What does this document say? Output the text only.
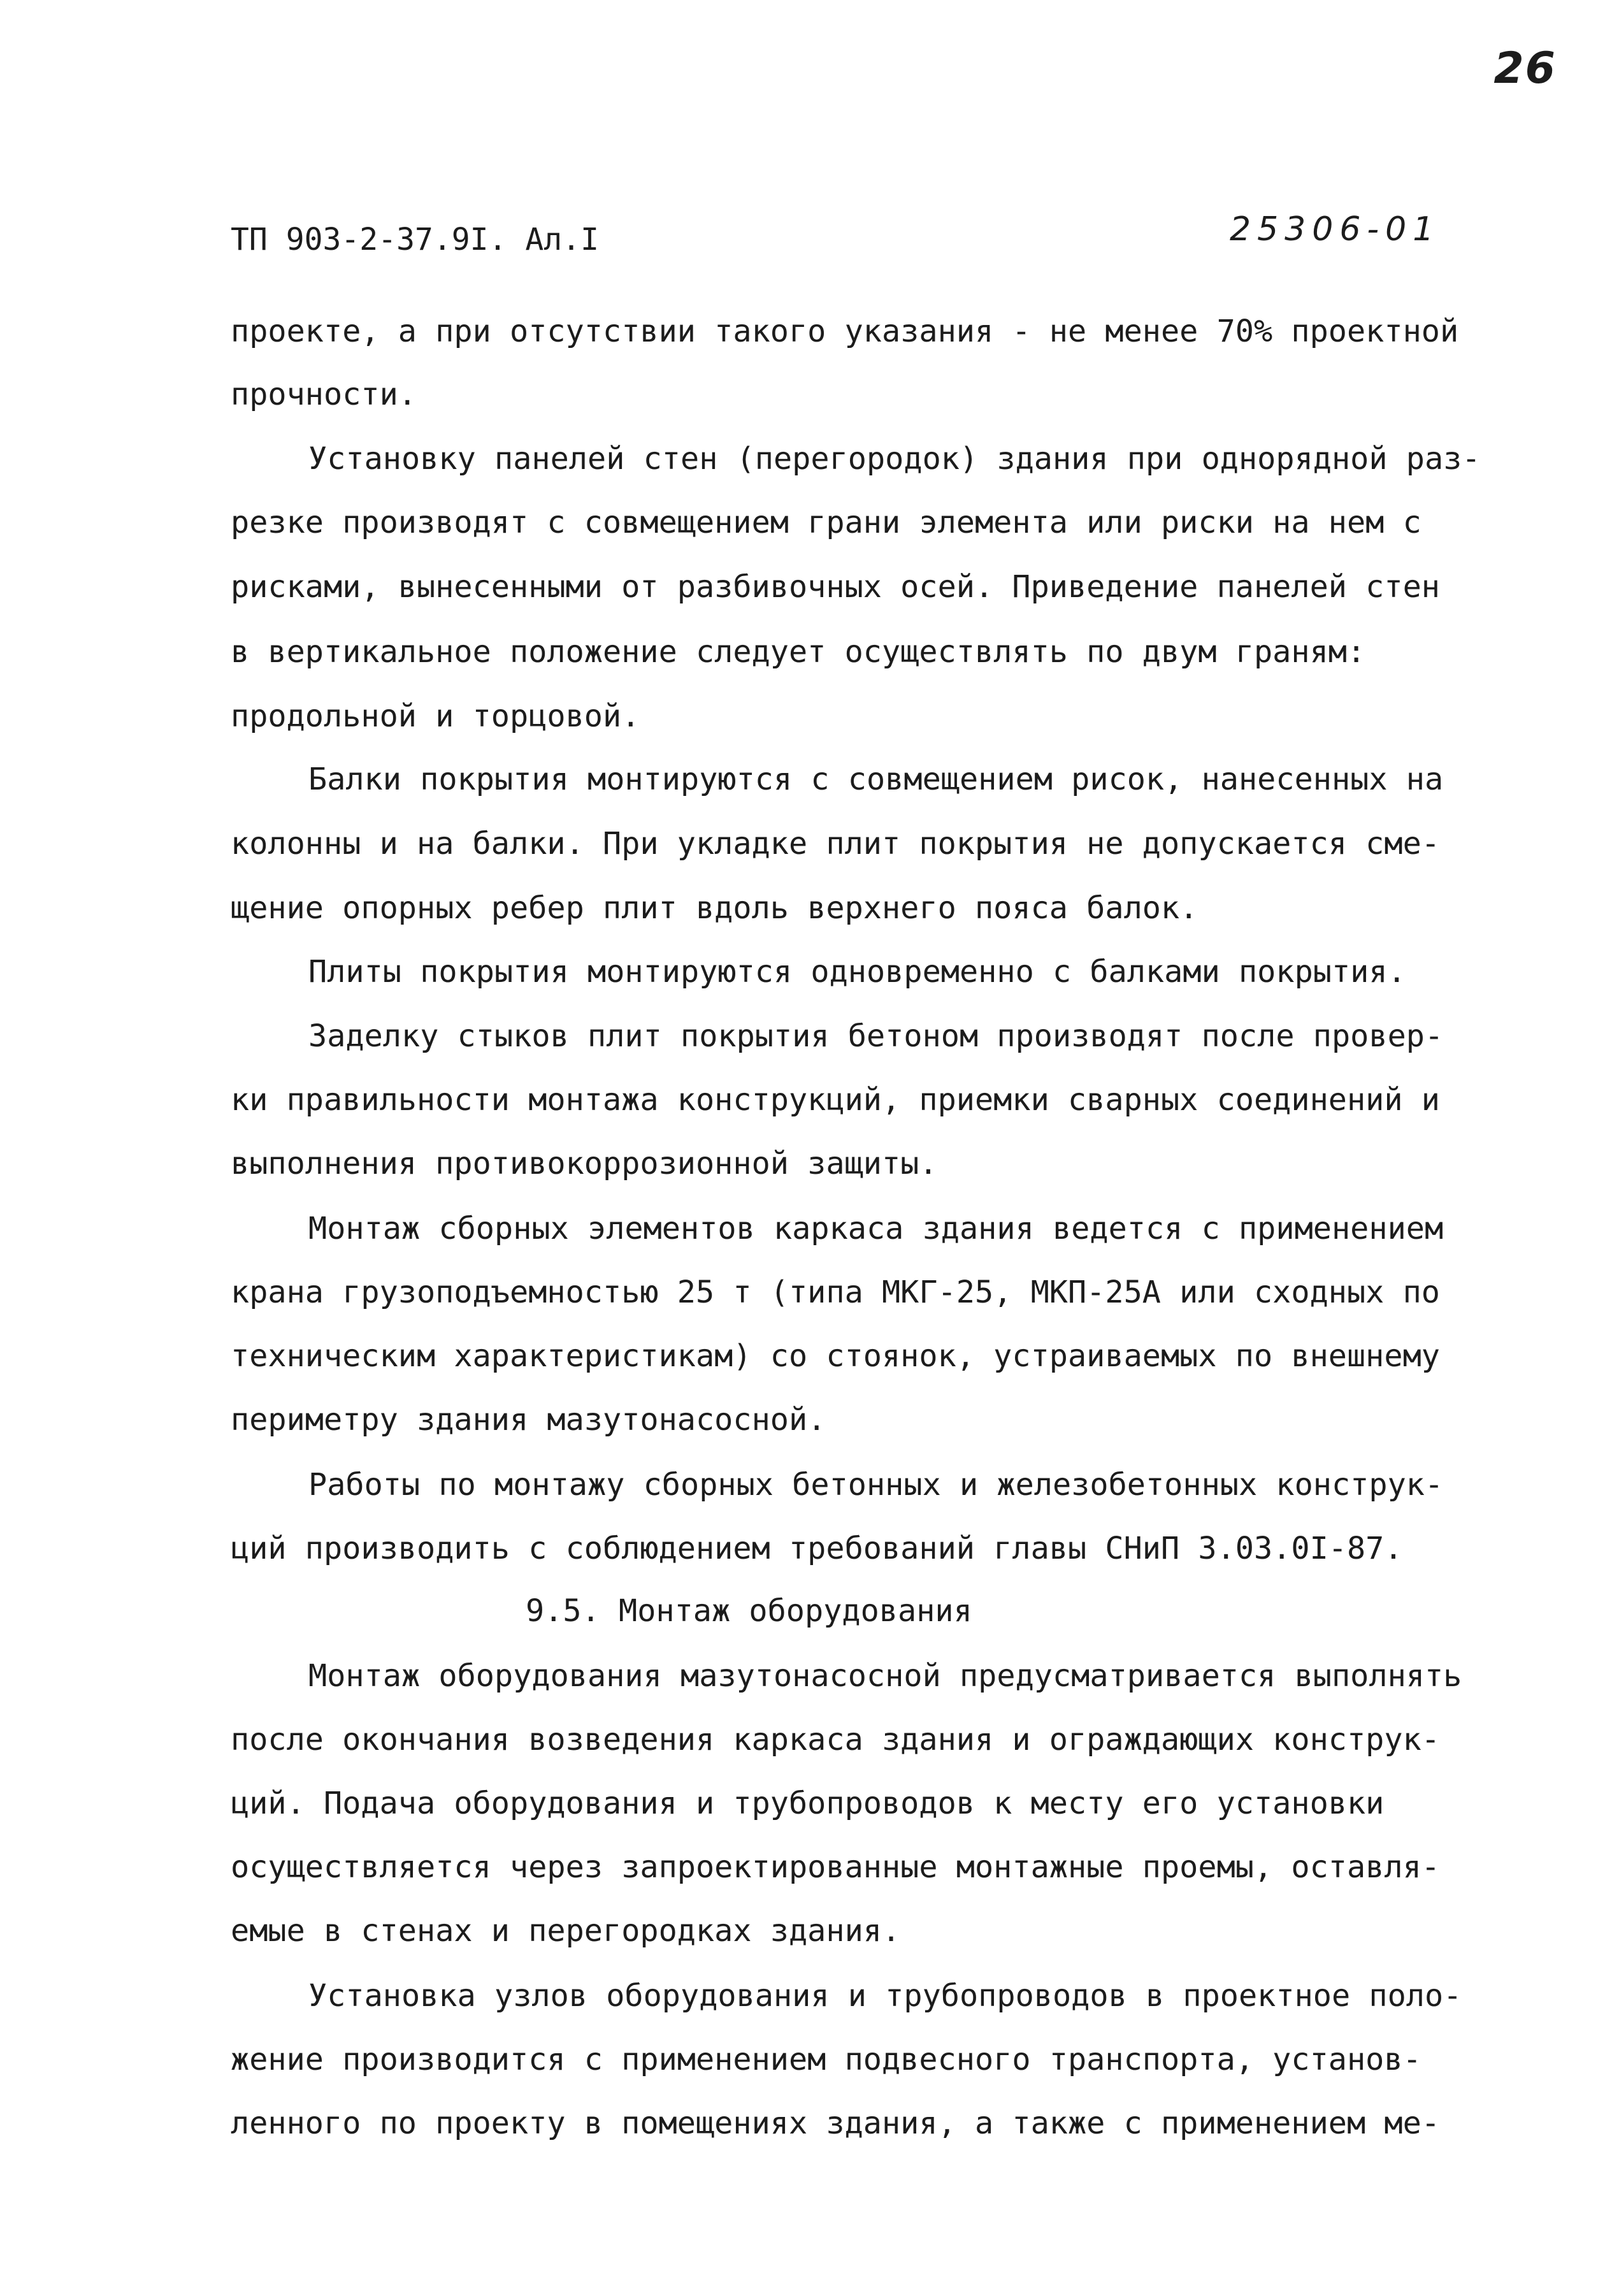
26
ТП 903-2-37.9I. Ал.I	25306-01
проекте, а при отсутствии такого указания - не менее 70% проектной
прочности.
Установку панелей стен (перегородок) здания при однорядной раз-
резке производят с совмещением грани элемента или риски на нем с
рисками, вынесенными от разбивочных осей. Приведение панелей стен
в вертикальное положение следует осуществлять по двум граням:
продольной и торцовой.
Балки покрытия монтируются с совмещением рисок, нанесенных на
колонны и на балки. При укладке плит покрытия не допускается сме-
щение опорных ребер плит вдоль верхнего пояса балок.
Плиты покрытия монтируются одновременно с балками покрытия.
Заделку стыков плит покрытия бетоном производят после провер-
ки правильности монтажа конструкций, приемки сварных соединений и
выполнения противокоррозионной защиты.
Монтаж сборных элементов каркаса здания ведется с применением
крана грузоподъемностью 25 т (типа МКГ-25, МКП-25А или сходных по
техническим характеристикам) со стоянок, устраиваемых по внешнему
периметру здания мазутонасосной.
Работы по монтажу сборных бетонных и железобетонных конструк-
ций производить с соблюдением требований главы СНиП 3.03.0I-87.
9.5. Монтаж оборудования
Монтаж оборудования мазутонасосной предусматривается выполнять
после окончания возведения каркаса здания и ограждающих конструк-
ций. Подача оборудования и трубопроводов к месту его установки
осуществляется через запроектированные монтажные проемы, оставля-
емые в стенах и перегородках здания.
Установка узлов оборудования и трубопроводов в проектное поло-
жение производится с применением подвесного транспорта, установ-
ленного по проекту в помещениях здания, а также с применением ме-
